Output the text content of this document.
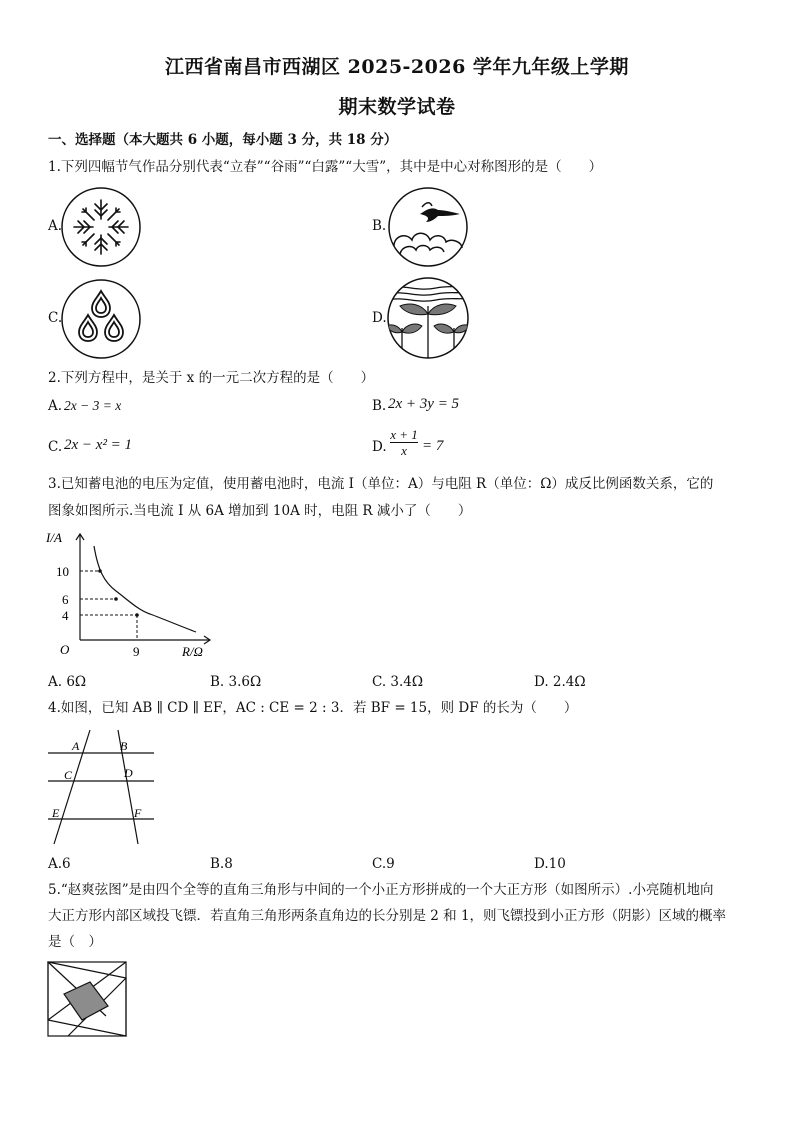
江西省南昌市西湖区 2025-2026 学年九年级上学期
期末数学试卷
一、选择题（本大题共 6 小题，每小题 3 分，共 18 分）
1.下列四幅节气作品分别代表“立春”“谷雨”“白露”“大雪”，其中是中心对称图形的是（　　）
A.	B.
C.	D.
2.下列方程中，是关于 x 的一元二次方程的是（　　）
A. 2x − 3 = x	B. 2x + 3y = 5
C. 2x − x² = 1	D. $\frac{x + 1}{x} = 7$
3.已知蓄电池的电压为定值，使用蓄电池时，电流 I（单位：A）与电阻 R（单位：Ω）成反比例函数关系，它的
图象如图所示.当电流 I 从 6A 增加到 10A 时，电阻 R 减小了（　　）
I/A
R/Ω
O
10
6
4
9
A. 6Ω	B. 3.6Ω	C. 3.4Ω	D. 2.4Ω
4.如图，已知 AB ∥ CD ∥ EF，AC : CE = 2 : 3．若 BF = 15，则 DF 的长为（　　）
A	B
C	D
E	F
A.6	B.8	C.9	D.10
5.“赵爽弦图”是由四个全等的直角三角形与中间的一个小正方形拼成的一个大正方形（如图所示）.小亮随机地向
大正方形内部区域投飞镖．若直角三角形两条直角边的长分别是 2 和 1，则飞镖投到小正方形（阴影）区域的概率
是（　）
